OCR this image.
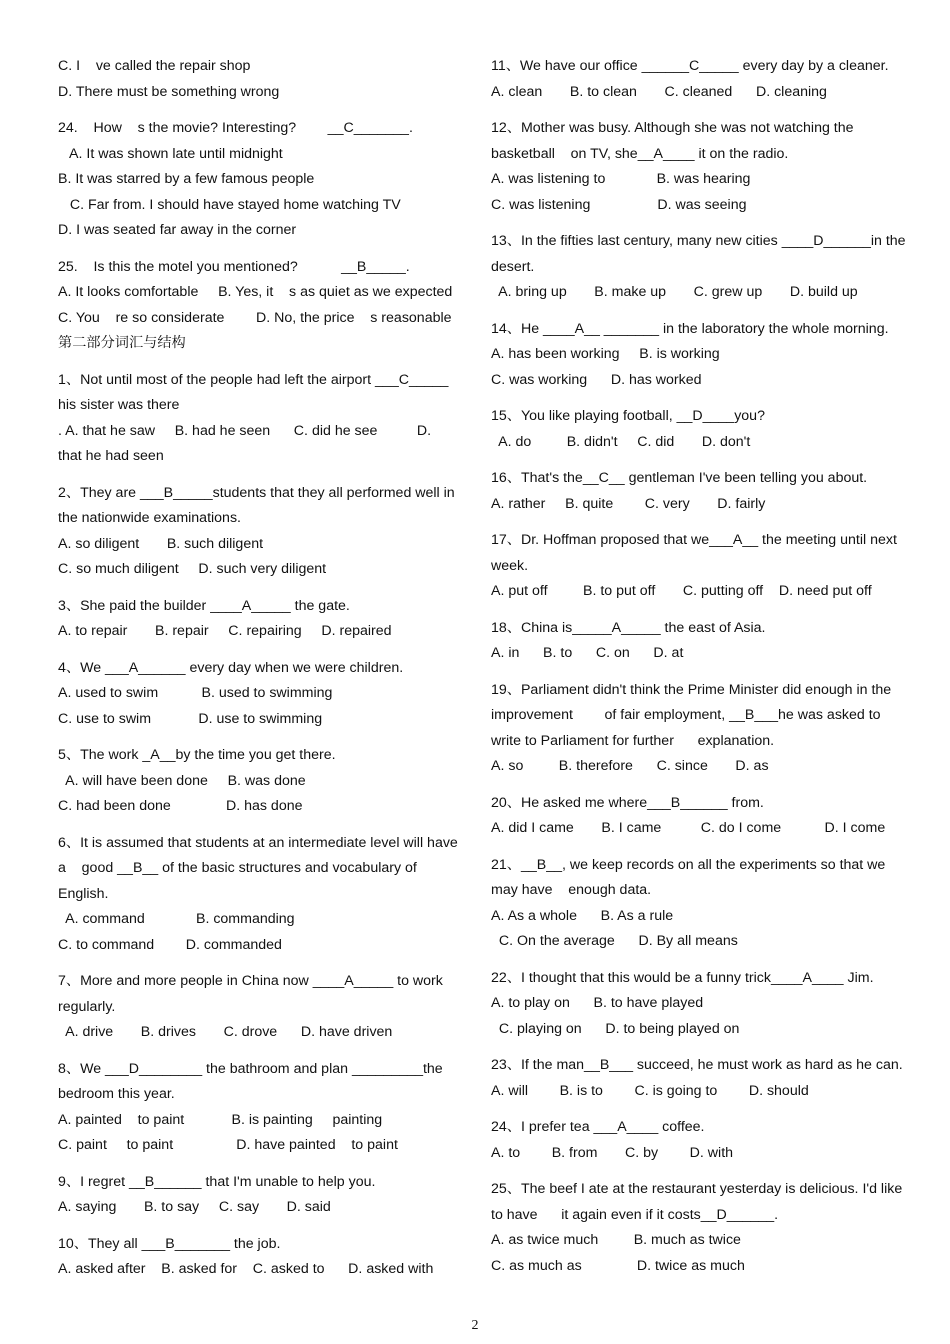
C. I    ve called the repair shop
D. There must be something wrong
24.    How    s the movie? Interesting?        __C_______.
A. It was shown late until midnight
B. It was starred by a few famous people
C. Far from. I should have stayed home watching TV
D. I was seated far away in the corner
25.    Is this the motel you mentioned?           __B_____.
A. It looks comfortable     B. Yes, it    s as quiet as we expected
C. You    re so considerate        D. No, the price    s reasonable
第二部分词汇与结构
1、Not until most of the people had left the airport ___C_____
his sister was there
. A. that he saw     B. had he seen      C. did he see          D.
that he had seen
2、They are ___B_____students that they all performed well in
the nationwide examinations.
A. so diligent       B. such diligent
C. so much diligent     D. such very diligent
3、She paid the builder ____A_____ the gate.
A. to repair       B. repair     C. repairing     D. repaired
4、We ___A______ every day when we were children.
A. used to swim           B. used to swimming
C. use to swim            D. use to swimming
5、The work _A__by the time you get there.
A. will have been done     B. was done
C. had been done              D. has done
6、It is assumed that students at an intermediate level will have
a    good __B__ of the basic structures and vocabulary of
English.
A. command             B. commanding
C. to command        D. commanded
7、More and more people in China now ____A_____ to work
regularly.
A. drive       B. drives       C. drove      D. have driven
8、We ___D________ the bathroom and plan _________the
bedroom this year.
A. painted    to paint            B. is painting     painting
C. paint     to paint                D. have painted    to paint
9、I regret __B______ that I'm unable to help you.
A. saying       B. to say     C. say       D. said
10、They all ___B_______ the job.
A. asked after    B. asked for    C. asked to      D. asked with
11、We have our office ______C_____ every day by a cleaner.
A. clean       B. to clean       C. cleaned      D. cleaning
12、Mother was busy. Although she was not watching the
basketball    on TV, she__A____ it on the radio.
A. was listening to             B. was hearing
C. was listening                 D. was seeing
13、In the fifties last century, many new cities ____D______in the
desert.
A. bring up       B. make up       C. grew up       D. build up
14、He ____A__ _______ in the laboratory the whole morning.
A. has been working     B. is working
C. was working      D. has worked
15、You like playing football, __D____you?
A. do         B. didn't     C. did       D. don't
16、That's the__C__ gentleman I've been telling you about.
A. rather     B. quite        C. very       D. fairly
17、Dr. Hoffman proposed that we___A__ the meeting until next
week.
A. put off         B. to put off       C. putting off    D. need put off
18、China is_____A_____ the east of Asia.
A. in      B. to      C. on      D. at
19、Parliament didn't think the Prime Minister did enough in the
improvement        of fair employment, __B___he was asked to
write to Parliament for further      explanation.
A. so         B. therefore      C. since       D. as
20、He asked me where___B______ from.
A. did I came       B. I came          C. do I come           D. I come
21、__B__, we keep records on all the experiments so that we
may have    enough data.
A. As a whole      B. As a rule
C. On the average      D. By all means
22、I thought that this would be a funny trick____A____ Jim.
A. to play on      B. to have played
C. playing on      D. to being played on
23、If the man__B___ succeed, he must work as hard as he can.
A. will        B. is to        C. is going to        D. should
24、I prefer tea ___A____ coffee.
A. to        B. from       C. by        D. with
25、The beef I ate at the restaurant yesterday is delicious. I'd like
to have      it again even if it costs__D______.
A. as twice much         B. much as twice
C. as much as              D. twice as much
2
